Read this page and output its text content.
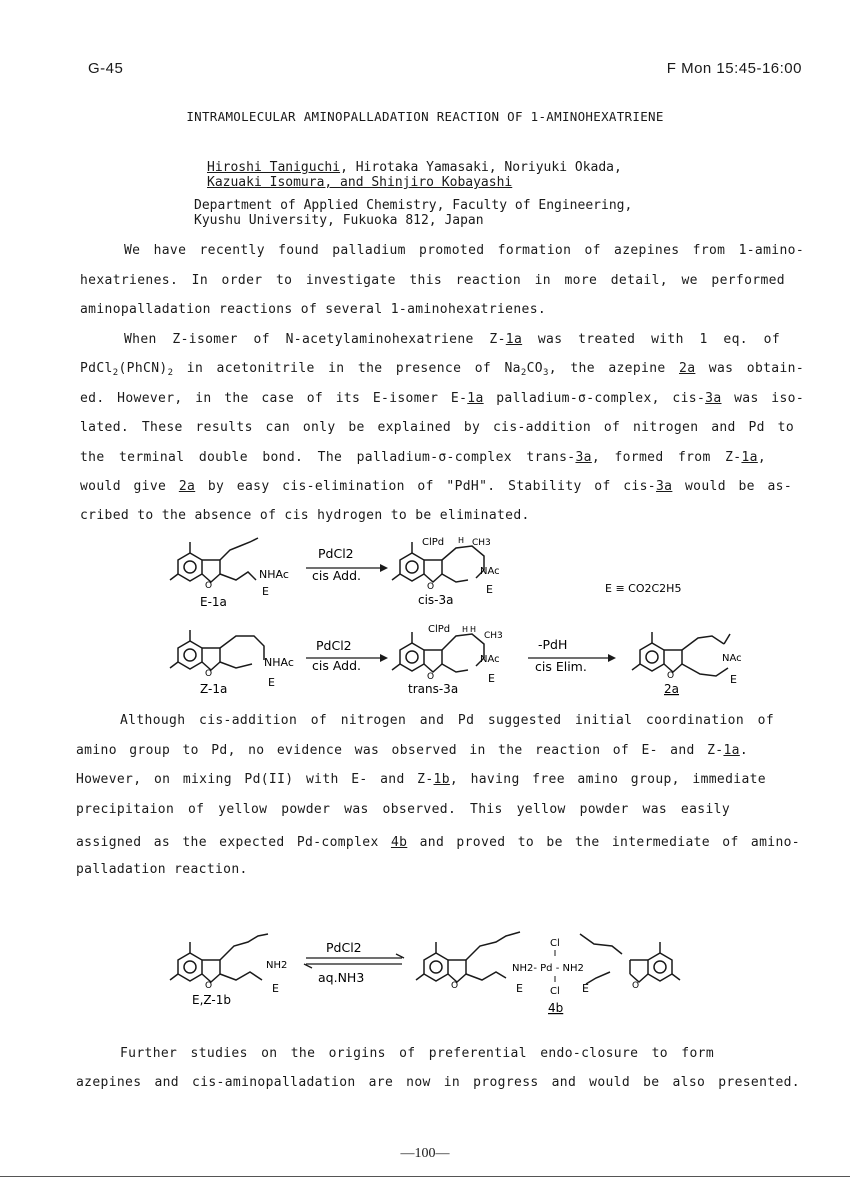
G-45	F Mon 15:45-16:00
INTRAMOLECULAR AMINOPALLADATION REACTION OF 1-AMINOHEXATRIENE
Hiroshi Taniguchi, Hirotaka Yamasaki, Noriyuki Okada,
Kazuaki Isomura, and Shinjiro Kobayashi
Department of Applied Chemistry, Faculty of Engineering,
Kyushu University, Fukuoka 812, Japan
We have recently found palladium promoted formation of azepines from 1-amino-
hexatrienes. In order to investigate this reaction in more detail, we performed
aminopalladation reactions of several 1-aminohexatrienes.
When Z-isomer of N-acetylaminohexatriene Z-1a was treated with 1 eq. of
$PdCl_2(PhCN)_2$ in acetonitrile in the presence of $Na_2CO_3$, the azepine 2a was obtain-
ed. However, in the case of its E-isomer E-1a palladium-σ-complex, cis-3a was iso-
lated. These results can only be explained by cis-addition of nitrogen and Pd to
the terminal double bond. The palladium-σ-complex trans-3a, formed from Z-1a,
would give 2a by easy cis-elimination of "PdH". Stability of cis-3a would be as-
cribed to the absence of cis hydrogen to be eliminated.
NHAc
E
O
E-1a
PdCl2
cis Add.
ClPd H CH3
NAc
E
O
cis-3a
E ≡ CO2C2H5
NHAc
E
O
Z-1a
PdCl2
cis Add.
ClPd H H
CH3
NAc
E
O
trans-3a
-PdH
cis Elim.
NAc
E
O
2a
Although cis-addition of nitrogen and Pd suggested initial coordination of
amino group to Pd, no evidence was observed in the reaction of E- and Z-1a.
However, on mixing Pd(II) with E- and Z-1b, having free amino group, immediate
precipitaion of yellow powder was observed. This yellow powder was easily
assigned as the expected Pd-complex 4b and proved to be the intermediate of amino-
palladation reaction.
NH2
E
O
E,Z-1b
PdCl2
aq.NH3
O	E
Cl
NH2- Pd - NH2
Cl
4b
E	O
Further studies on the origins of preferential endo-closure to form
azepines and cis-aminopalladation are now in progress and would be also presented.
—100—
